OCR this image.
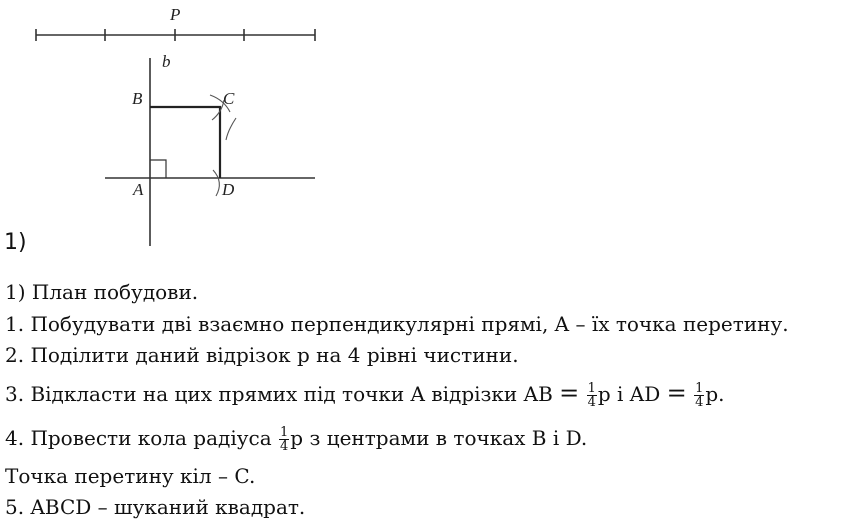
P
b
B	C
A	D
1)
1) План побудови.
1. Побудувати дві взаємно перпендикулярні прямі, A – їх точка перетину.
2. Поділити даний відрізок p на 4 рівні чистини.
3. Відкласти на цих прямих під точки A відрізки AB = $\frac{1}{4}$ p і AD = $\frac{1}{4} p$.
4. Провести кола радіуса $\frac{1}{4}$ p з центрами в точках B і D.
Точка перетину кіл – C.
5. ABCD – шуканий квадрат.
